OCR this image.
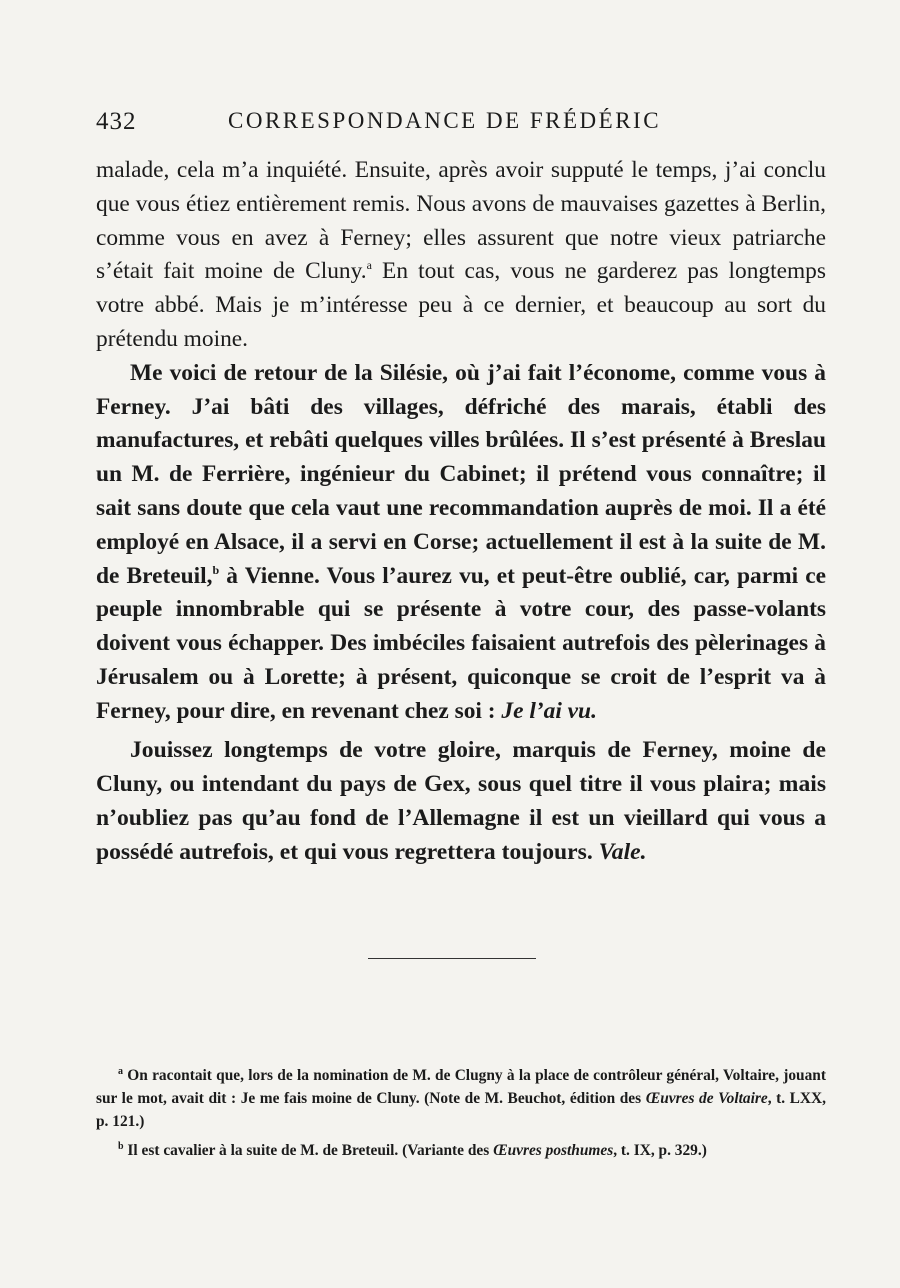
432	CORRESPONDANCE DE FRÉDÉRIC

malade, cela m’a inquiété. Ensuite, après avoir supputé le temps, j’ai conclu que vous étiez entièrement remis. Nous avons de mauvaises gazettes à Berlin, comme vous en avez à Ferney; elles assurent que notre vieux patriarche s’était fait moine de Cluny.$^a$ En tout cas, vous ne garderez pas longtemps votre abbé. Mais je m’intéresse peu à ce dernier, et beaucoup au sort du prétendu moine.

Me voici de retour de la Silésie, où j’ai fait l’économe, comme vous à Ferney. J’ai bâti des villages, défriché des marais, établi des manufactures, et rebâti quelques villes brûlées. Il s’est présenté à Breslau un M. de Ferrière, ingénieur du Cabinet; il prétend vous connaître; il sait sans doute que cela vaut une recommandation auprès de moi. Il a été employé en Alsace, il a servi en Corse; actuellement il est à la suite de M. de Breteuil,$^b$ à Vienne. Vous l’aurez vu, et peut-être oublié, car, parmi ce peuple innombrable qui se présente à votre cour, des passe-volants doivent vous échapper. Des imbéciles faisaient autrefois des pèlerinages à Jérusalem ou à Lorette; à présent, quiconque se croit de l’esprit va à Ferney, pour dire, en revenant chez soi : Je l’ai vu.

Jouissez longtemps de votre gloire, marquis de Ferney, moine de Cluny, ou intendant du pays de Gex, sous quel titre il vous plaira; mais n’oubliez pas qu’au fond de l’Allemagne il est un vieillard qui vous a possédé autrefois, et qui vous regrettera toujours. Vale.

$^a$ On racontait que, lors de la nomination de M. de Clugny à la place de contrôleur général, Voltaire, jouant sur le mot, avait dit : Je me fais moine de Cluny. (Note de M. Beuchot, édition des Œuvres de Voltaire, t. LXX, p. 121.)

$^b$ Il est cavalier à la suite de M. de Breteuil. (Variante des Œuvres posthumes, t. IX, p. 329.)
